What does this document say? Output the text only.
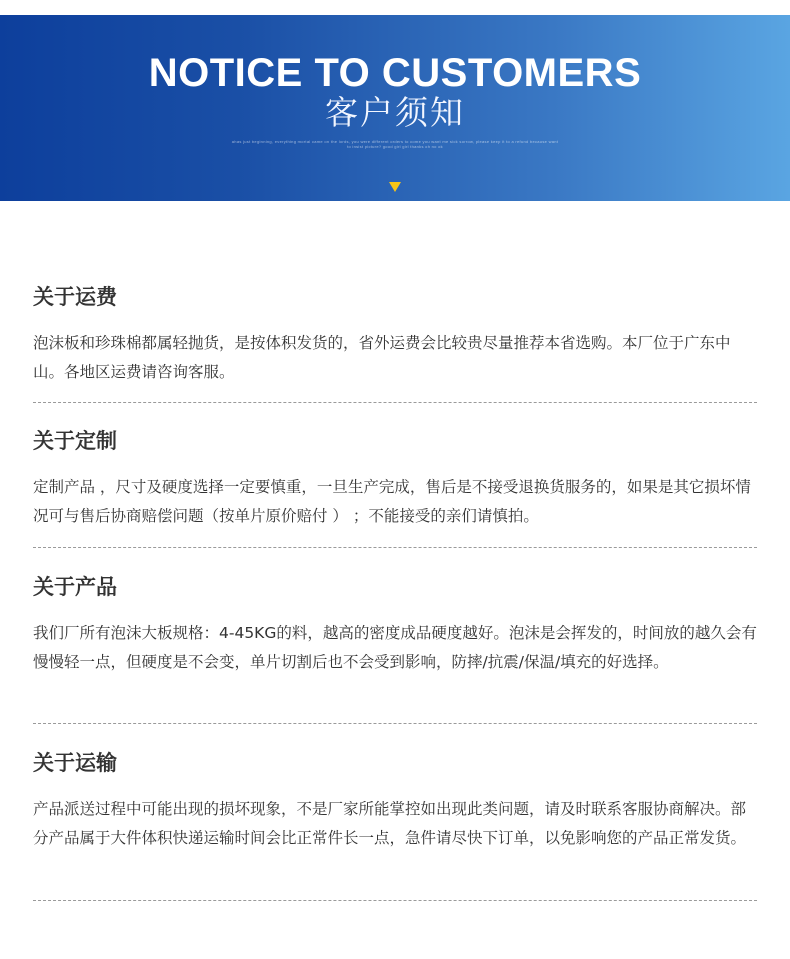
NOTICE TO CUSTOMERS
客户须知
ahas just beginning, everything mortal came on the lords, you were different orders to come you want me sick sorrow, please keep it to a refund because want to insist picture? good girl girl thanks oh no ok
关于运费

泡沫板和珍珠棉都属轻抛货，是按体积发货的，省外运费会比较贵尽量推荐本省选购。本厂位于广东中山。各地区运费请咨询客服。

关于定制

定制产品 ，尺寸及硬度选择一定要慎重，一旦生产完成，售后是不接受退换货服务的，如果是其它损坏情况可与售后协商赔偿问题（按单片原价赔付 ） ；不能接受的亲们请慎拍。

关于产品

我们厂所有泡沫大板规格：4-45KG的料，越高的密度成品硬度越好。泡沫是会挥发的，时间放的越久会有慢慢轻一点，但硬度是不会变，单片切割后也不会受到影响，防摔/抗震/保温/填充的好选择。

关于运输

产品派送过程中可能出现的损坏现象，不是厂家所能掌控如出现此类问题，请及时联系客服协商解决。部分产品属于大件体积快递运输时间会比正常件长一点，急件请尽快下订单，以免影响您的产品正常发货。
